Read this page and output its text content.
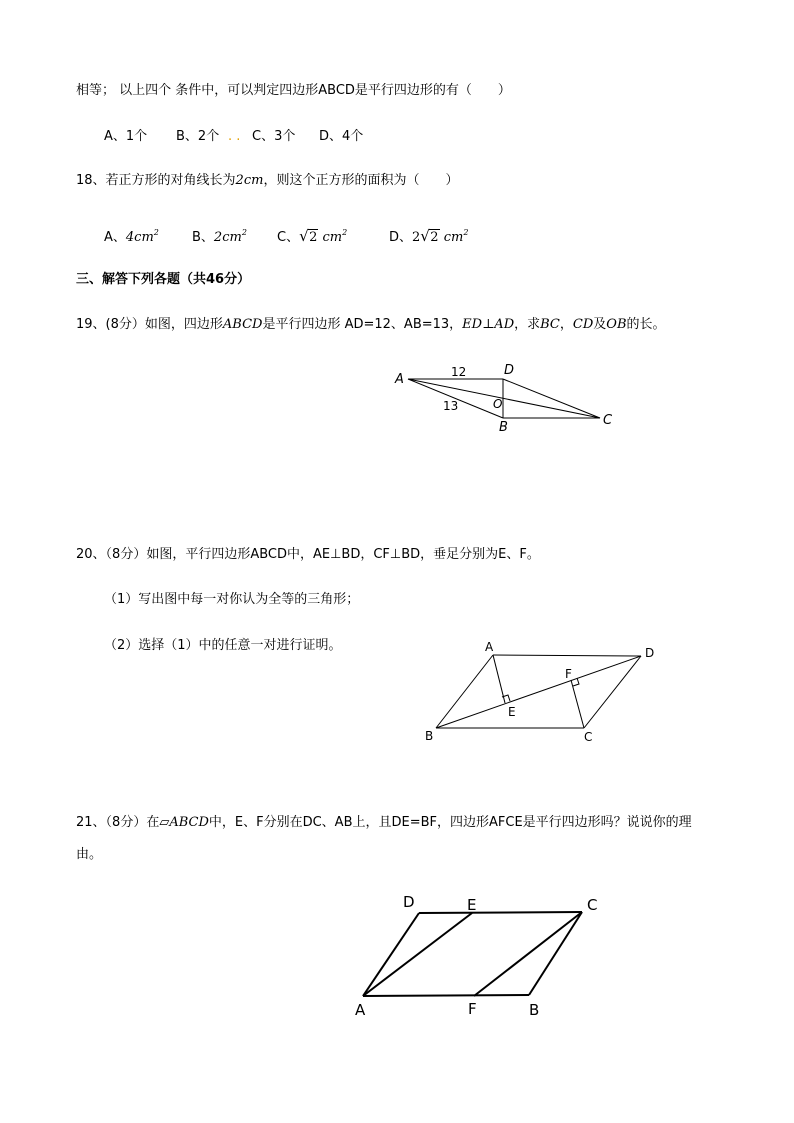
相等； 以上四个 条件中，可以判定四边形ABCD是平行四边形的有（　　）
A、1个 B、2个 . . C、3个 D、4个
18、若正方形的对角线长为2cm，则这个正方形的面积为（　　）
A、$4cm^2$	B、$2cm^2$ C、 √ 2 $cm^2$	D、2 √ 2 $cm^2$
三、解答下列各题（共46分）
19、(8分）如图，四边形ABCD是平行四边形 AD=12、AB=13，ED⊥AD，求BC，CD及OB的长。
A
D
C
B
O
12
13
20、（8分）如图，平行四边形ABCD中，AE⊥BD，CF⊥BD，垂足分别为E、F。
（1）写出图中每一对你认为全等的三角形；
（2）选择（1）中的任意一对进行证明。	A	D
B	C
E
F
21、（8分）在▱ABCD中，E、F分别在DC、AB上，且DE=BF，四边形AFCE是平行四边形吗？说说你的理
由。
D	E	C
A	F	B
